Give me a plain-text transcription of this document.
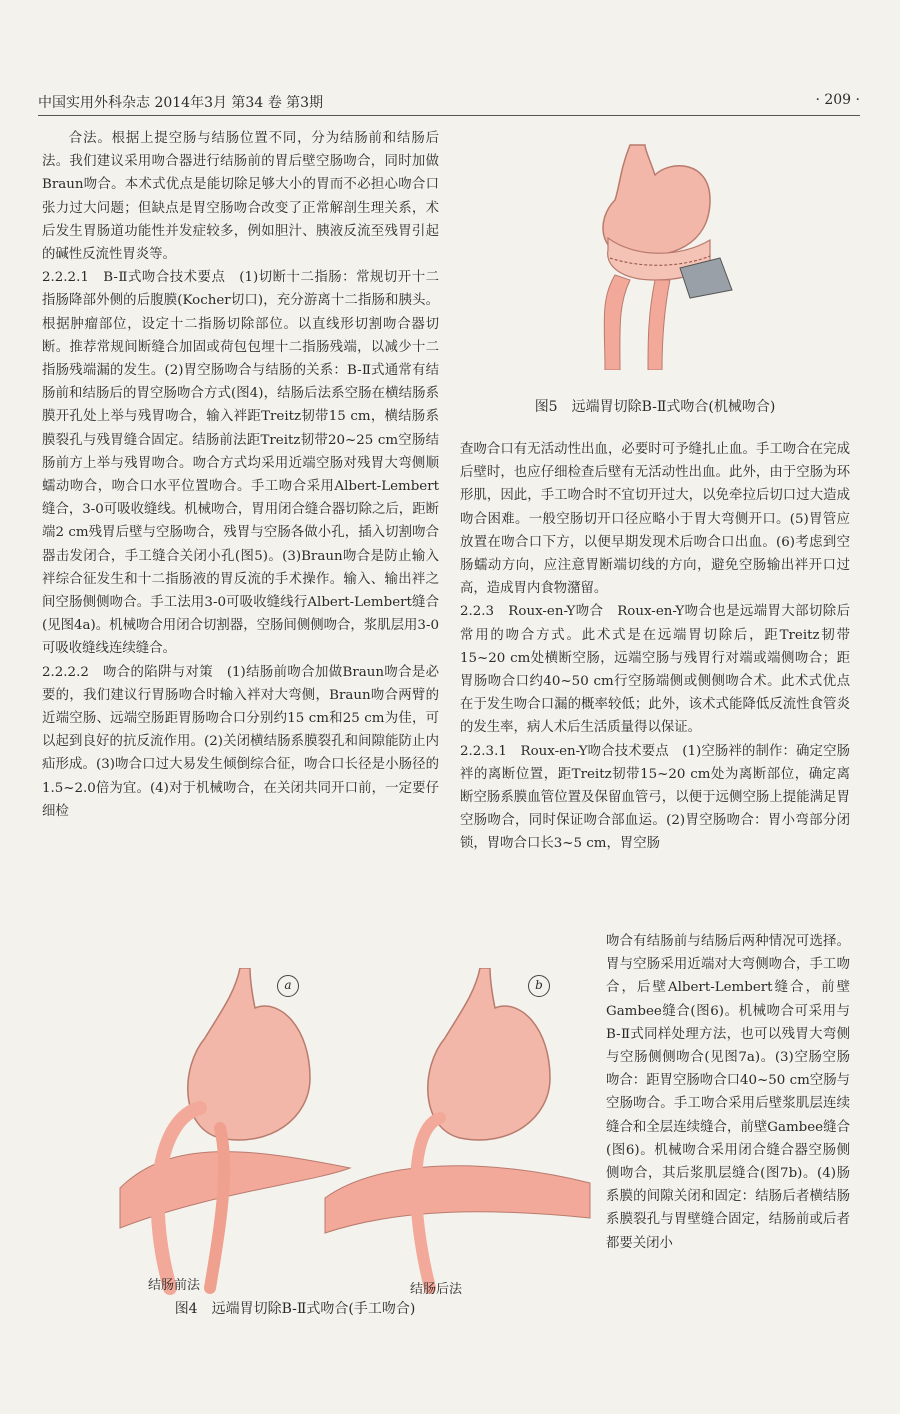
中国实用外科杂志 2014年3月 第34 卷 第3期	· 209 ·

合法。根据上提空肠与结肠位置不同，分为结肠前和结肠后法。我们建议采用吻合器进行结肠前的胃后壁空肠吻合，同时加做Braun吻合。本术式优点是能切除足够大小的胃而不必担心吻合口张力过大问题；但缺点是胃空肠吻合改变了正常解剖生理关系，术后发生胃肠道功能性并发症较多，例如胆汁、胰液反流至残胃引起的碱性反流性胃炎等。

2.2.2.1　B-Ⅱ式吻合技术要点　(1)切断十二指肠：常规切开十二指肠降部外侧的后腹膜(Kocher切口)，充分游离十二指肠和胰头。根据肿瘤部位，设定十二指肠切除部位。以直线形切割吻合器切断。推荐常规间断缝合加固或荷包包埋十二指肠残端，以减少十二指肠残端漏的发生。(2)胃空肠吻合与结肠的关系：B-Ⅱ式通常有结肠前和结肠后的胃空肠吻合方式(图4)，结肠后法系空肠在横结肠系膜开孔处上举与残胃吻合，输入袢距Treitz韧带15 cm，横结肠系膜裂孔与残胃缝合固定。结肠前法距Treitz韧带20~25 cm空肠结肠前方上举与残胃吻合。吻合方式均采用近端空肠对残胃大弯侧顺蠕动吻合，吻合口水平位置吻合。手工吻合采用Albert-Lembert缝合，3-0可吸收缝线。机械吻合，胃用闭合缝合器切除之后，距断端2 cm残胃后壁与空肠吻合，残胃与空肠各做小孔，插入切割吻合器击发闭合，手工缝合关闭小孔(图5)。(3)Braun吻合是防止输入袢综合征发生和十二指肠液的胃反流的手术操作。输入、输出袢之间空肠侧侧吻合。手工法用3-0可吸收缝线行Albert-Lembert缝合(见图4a)。机械吻合用闭合切割器，空肠间侧侧吻合，浆肌层用3-0可吸收缝线连续缝合。

2.2.2.2　吻合的陷阱与对策　(1)结肠前吻合加做Braun吻合是必要的，我们建议行胃肠吻合时输入袢对大弯侧，Braun吻合两臂的近端空肠、远端空肠距胃肠吻合口分别约15 cm和25 cm为佳，可以起到良好的抗反流作用。(2)关闭横结肠系膜裂孔和间隙能防止内疝形成。(3)吻合口过大易发生倾倒综合征，吻合口长径是小肠径的1.5~2.0倍为宜。(4)对于机械吻合，在关闭共同开口前，一定要仔细检

图5　远端胃切除B-Ⅱ式吻合(机械吻合)

查吻合口有无活动性出血，必要时可予缝扎止血。手工吻合在完成后壁时，也应仔细检查后壁有无活动性出血。此外，由于空肠为环形肌，因此，手工吻合时不宜切开过大，以免牵拉后切口过大造成吻合困难。一般空肠切开口径应略小于胃大弯侧开口。(5)胃管应放置在吻合口下方，以便早期发现术后吻合口出血。(6)考虑到空肠蠕动方向，应注意胃断端切线的方向，避免空肠输出袢开口过高，造成胃内食物潴留。

2.2.3　Roux-en-Y吻合　Roux-en-Y吻合也是远端胃大部切除后常用的吻合方式。此术式是在远端胃切除后，距Treitz韧带15~20 cm处横断空肠，远端空肠与残胃行对端或端侧吻合；距胃肠吻合口约40~50 cm行空肠端侧或侧侧吻合术。此术式优点在于发生吻合口漏的概率较低；此外，该术式能降低反流性食管炎的发生率，病人术后生活质量得以保证。

2.2.3.1　Roux-en-Y吻合技术要点　(1)空肠袢的制作：确定空肠袢的离断位置，距Treitz韧带15~20 cm处为离断部位，确定离断空肠系膜血管位置及保留血管弓，以便于远侧空肠上提能满足胃空肠吻合，同时保证吻合部血运。(2)胃空肠吻合：胃小弯部分闭锁，胃吻合口长3~5 cm，胃空肠

吻合有结肠前与结肠后两种情况可选择。胃与空肠采用近端对大弯侧吻合，手工吻合，后壁Albert-Lembert缝合，前壁Gambee缝合(图6)。机械吻合可采用与B-Ⅱ式同样处理方法，也可以残胃大弯侧与空肠侧侧吻合(见图7a)。(3)空肠空肠吻合：距胃空肠吻合口40~50 cm空肠与空肠吻合。手工吻合采用后壁浆肌层连续缝合和全层连续缝合，前壁Gambee缝合(图6)。机械吻合采用闭合缝合器空肠侧侧吻合，其后浆肌层缝合(图7b)。(4)肠系膜的间隙关闭和固定：结肠后者横结肠系膜裂孔与胃壁缝合固定，结肠前或后者都要关闭小

a	b
结肠前法	结肠后法
图4　远端胃切除B-Ⅱ式吻合(手工吻合)
